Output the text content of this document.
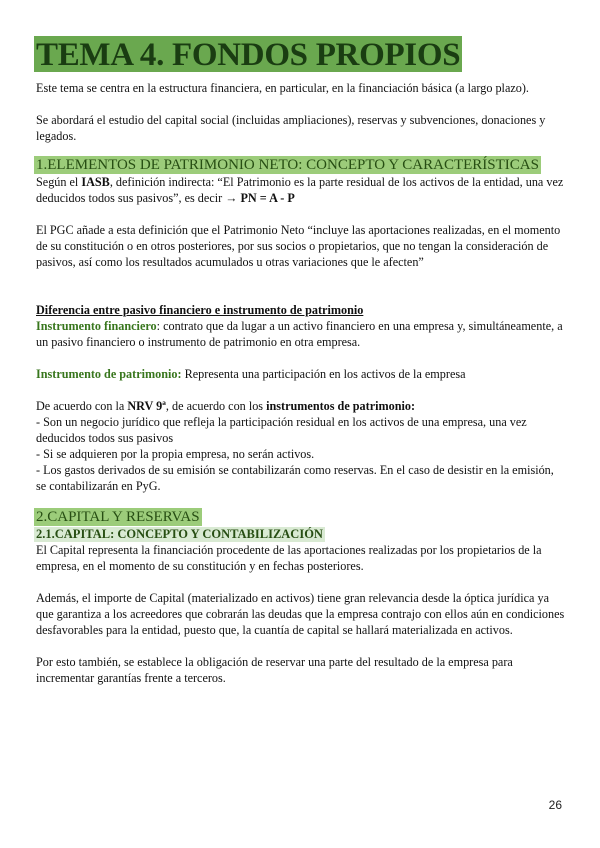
TEMA 4. FONDOS PROPIOS

Este tema se centra en la estructura financiera, en particular, en la financiación básica (a largo plazo).

Se abordará el estudio del capital social (incluidas ampliaciones), reservas y subvenciones, donaciones y legados.

1.ELEMENTOS DE PATRIMONIO NETO: CONCEPTO Y CARACTERÍSTICAS

Según el IASB, definición indirecta: “El Patrimonio es la parte residual de los activos de la entidad, una vez deducidos todos sus pasivos”, es decir → PN = A - P

El PGC añade a esta definición que el Patrimonio Neto “incluye las aportaciones realizadas, en el momento de su constitución o en otros posteriores, por sus socios o propietarios, que no tengan la consideración de pasivos, así como los resultados acumulados u otras variaciones que le afecten”

Diferencia entre pasivo financiero e instrumento de patrimonio

Instrumento financiero: contrato que da lugar a un activo financiero en una empresa y, simultáneamente, a un pasivo financiero o instrumento de patrimonio en otra empresa.

Instrumento de patrimonio: Representa una participación en los activos de la empresa

De acuerdo con la NRV 9ª, de acuerdo con los instrumentos de patrimonio:

- Son un negocio jurídico que refleja la participación residual en los activos de una empresa, una vez deducidos todos sus pasivos

- Si se adquieren por la propia empresa, no serán activos.

- Los gastos derivados de su emisión se contabilizarán como reservas. En el caso de desistir en la emisión, se contabilizarán en PyG.

2.CAPITAL Y RESERVAS
2.1.CAPITAL: CONCEPTO Y CONTABILIZACIÓN

El Capital representa la financiación procedente de las aportaciones realizadas por los propietarios de la empresa, en el momento de su constitución y en fechas posteriores.

Además, el importe de Capital (materializado en activos) tiene gran relevancia desde la óptica jurídica ya que garantiza a los acreedores que cobrarán las deudas que la empresa contrajo con ellos aún en condiciones desfavorables para la entidad, puesto que, la cuantía de capital se hallará materializada en activos.

Por esto también, se establece la obligación de reservar una parte del resultado de la empresa para incrementar garantías frente a terceros.

26
